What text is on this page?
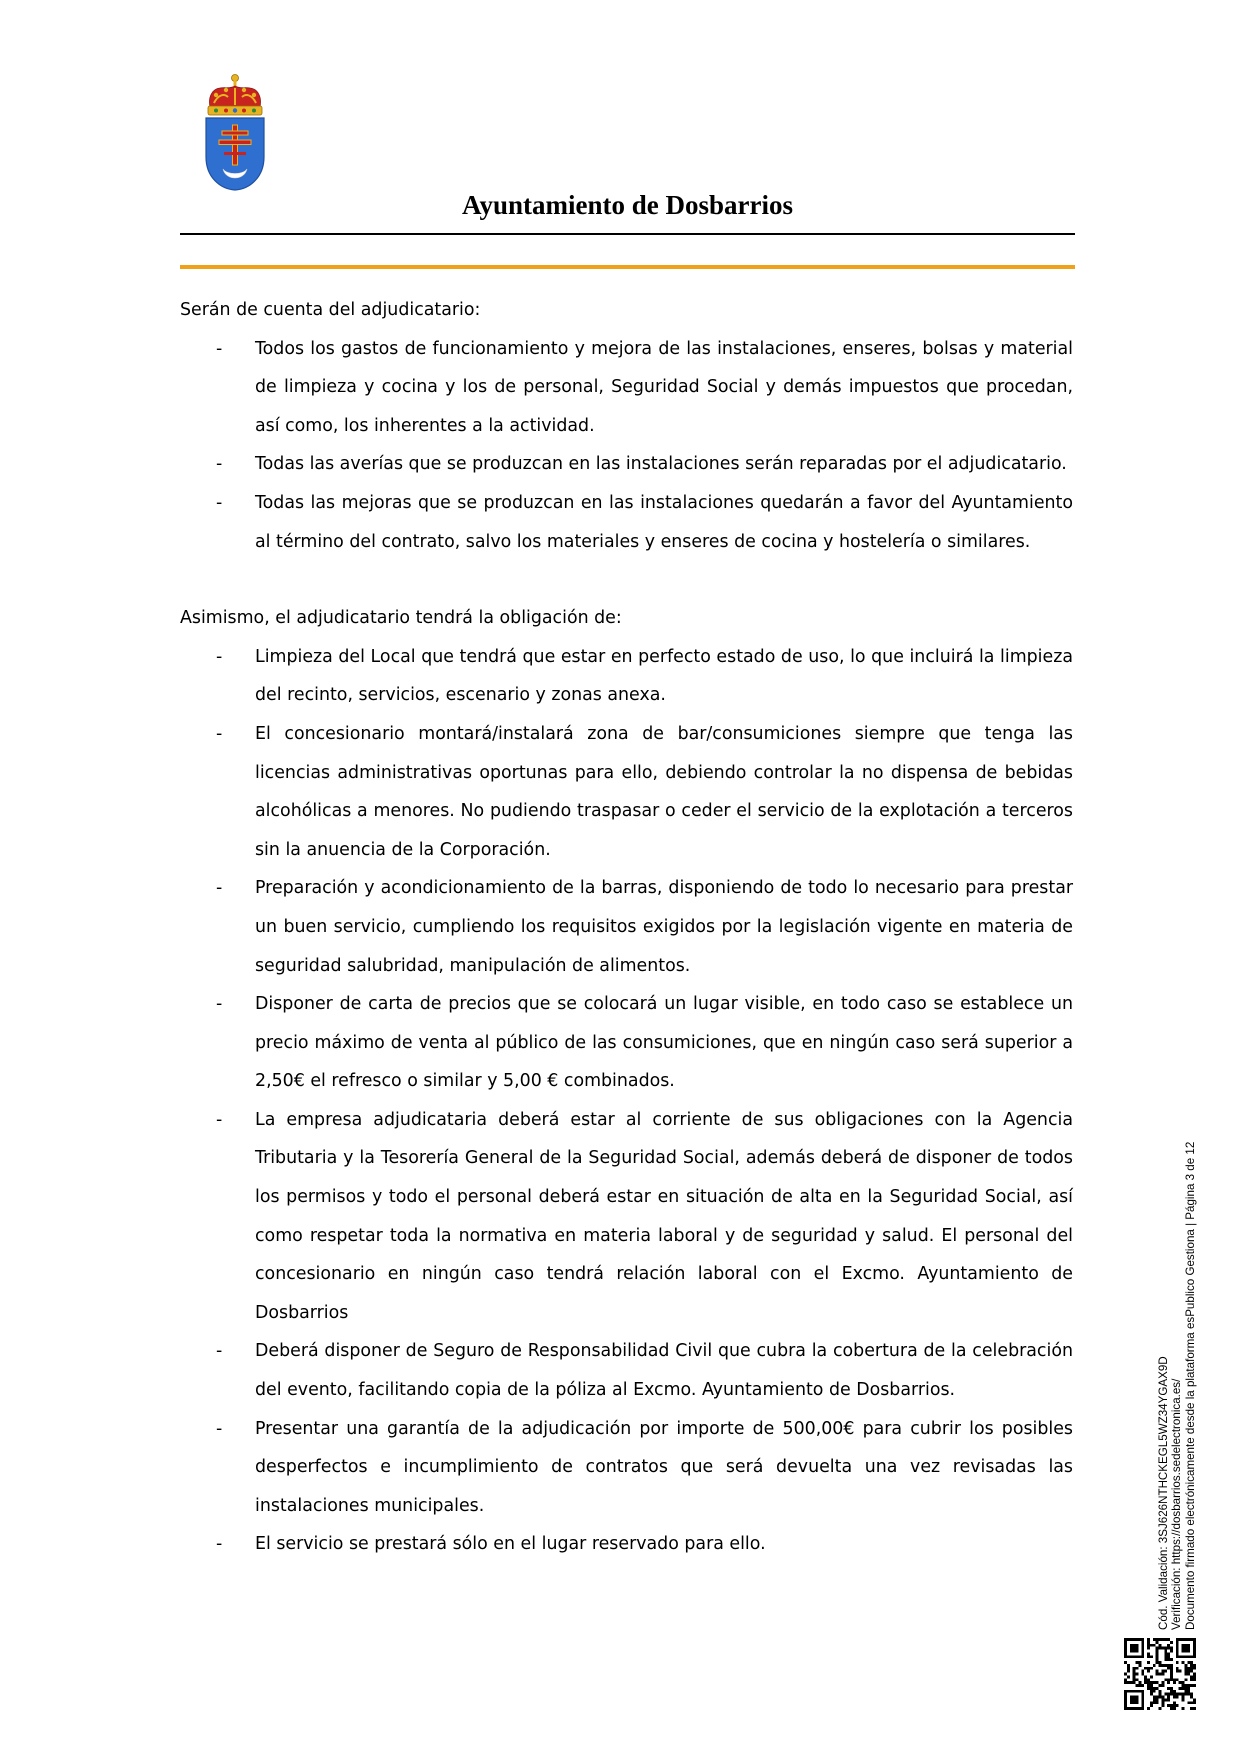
Ayuntamiento de Dosbarrios

Serán de cuenta del adjudicatario:

- Todos los gastos de funcionamiento y mejora de las instalaciones, enseres, bolsas y material de limpieza y cocina y los de personal, Seguridad Social y demás impuestos que procedan, así como, los inherentes a la actividad.
- Todas las averías que se produzcan en las instalaciones serán reparadas por el adjudicatario.
- Todas las mejoras que se produzcan en las instalaciones quedarán a favor del Ayuntamiento al término del contrato, salvo los materiales y enseres de cocina y hostelería o similares.

Asimismo, el adjudicatario tendrá la obligación de:

- Limpieza del Local que tendrá que estar en perfecto estado de uso, lo que incluirá la limpieza del recinto, servicios, escenario y zonas anexa.
- El concesionario montará/instalará zona de bar/consumiciones siempre que tenga las licencias administrativas oportunas para ello, debiendo controlar la no dispensa de bebidas alcohólicas a menores. No pudiendo traspasar o ceder el servicio de la explotación a terceros sin la anuencia de la Corporación.
- Preparación y acondicionamiento de la barras, disponiendo de todo lo necesario para prestar un buen servicio, cumpliendo los requisitos exigidos por la legislación vigente en materia de seguridad salubridad, manipulación de alimentos.
- Disponer de carta de precios que se colocará un lugar visible, en todo caso se establece un precio máximo de venta al público de las consumiciones, que en ningún caso será superior a 2,50€ el refresco o similar y 5,00 € combinados.
- La empresa adjudicataria deberá estar al corriente de sus obligaciones con la Agencia Tributaria y la Tesorería General de la Seguridad Social, además deberá de disponer de todos los permisos y todo el personal deberá estar en situación de alta en la Seguridad Social, así como respetar toda la normativa en materia laboral y de seguridad y salud. El personal del concesionario en ningún caso tendrá relación laboral con el Excmo. Ayuntamiento de Dosbarrios
- Deberá disponer de Seguro de Responsabilidad Civil que cubra la cobertura de la celebración del evento, facilitando copia de la póliza al Excmo. Ayuntamiento de Dosbarrios.
- Presentar una garantía de la adjudicación por importe de 500,00€ para cubrir los posibles desperfectos e incumplimiento de contratos que será devuelta una vez revisadas las instalaciones municipales.
- El servicio se prestará sólo en el lugar reservado para ello.	Cód. Validación: 3SJ626NTHCKEGL5WZ34YGAX9D Verificación: https://dosbarrios.sedelectronica.es/ Documento firmado electrónicamente desde la plataforma esPublico Gestiona | Página 3 de 12
